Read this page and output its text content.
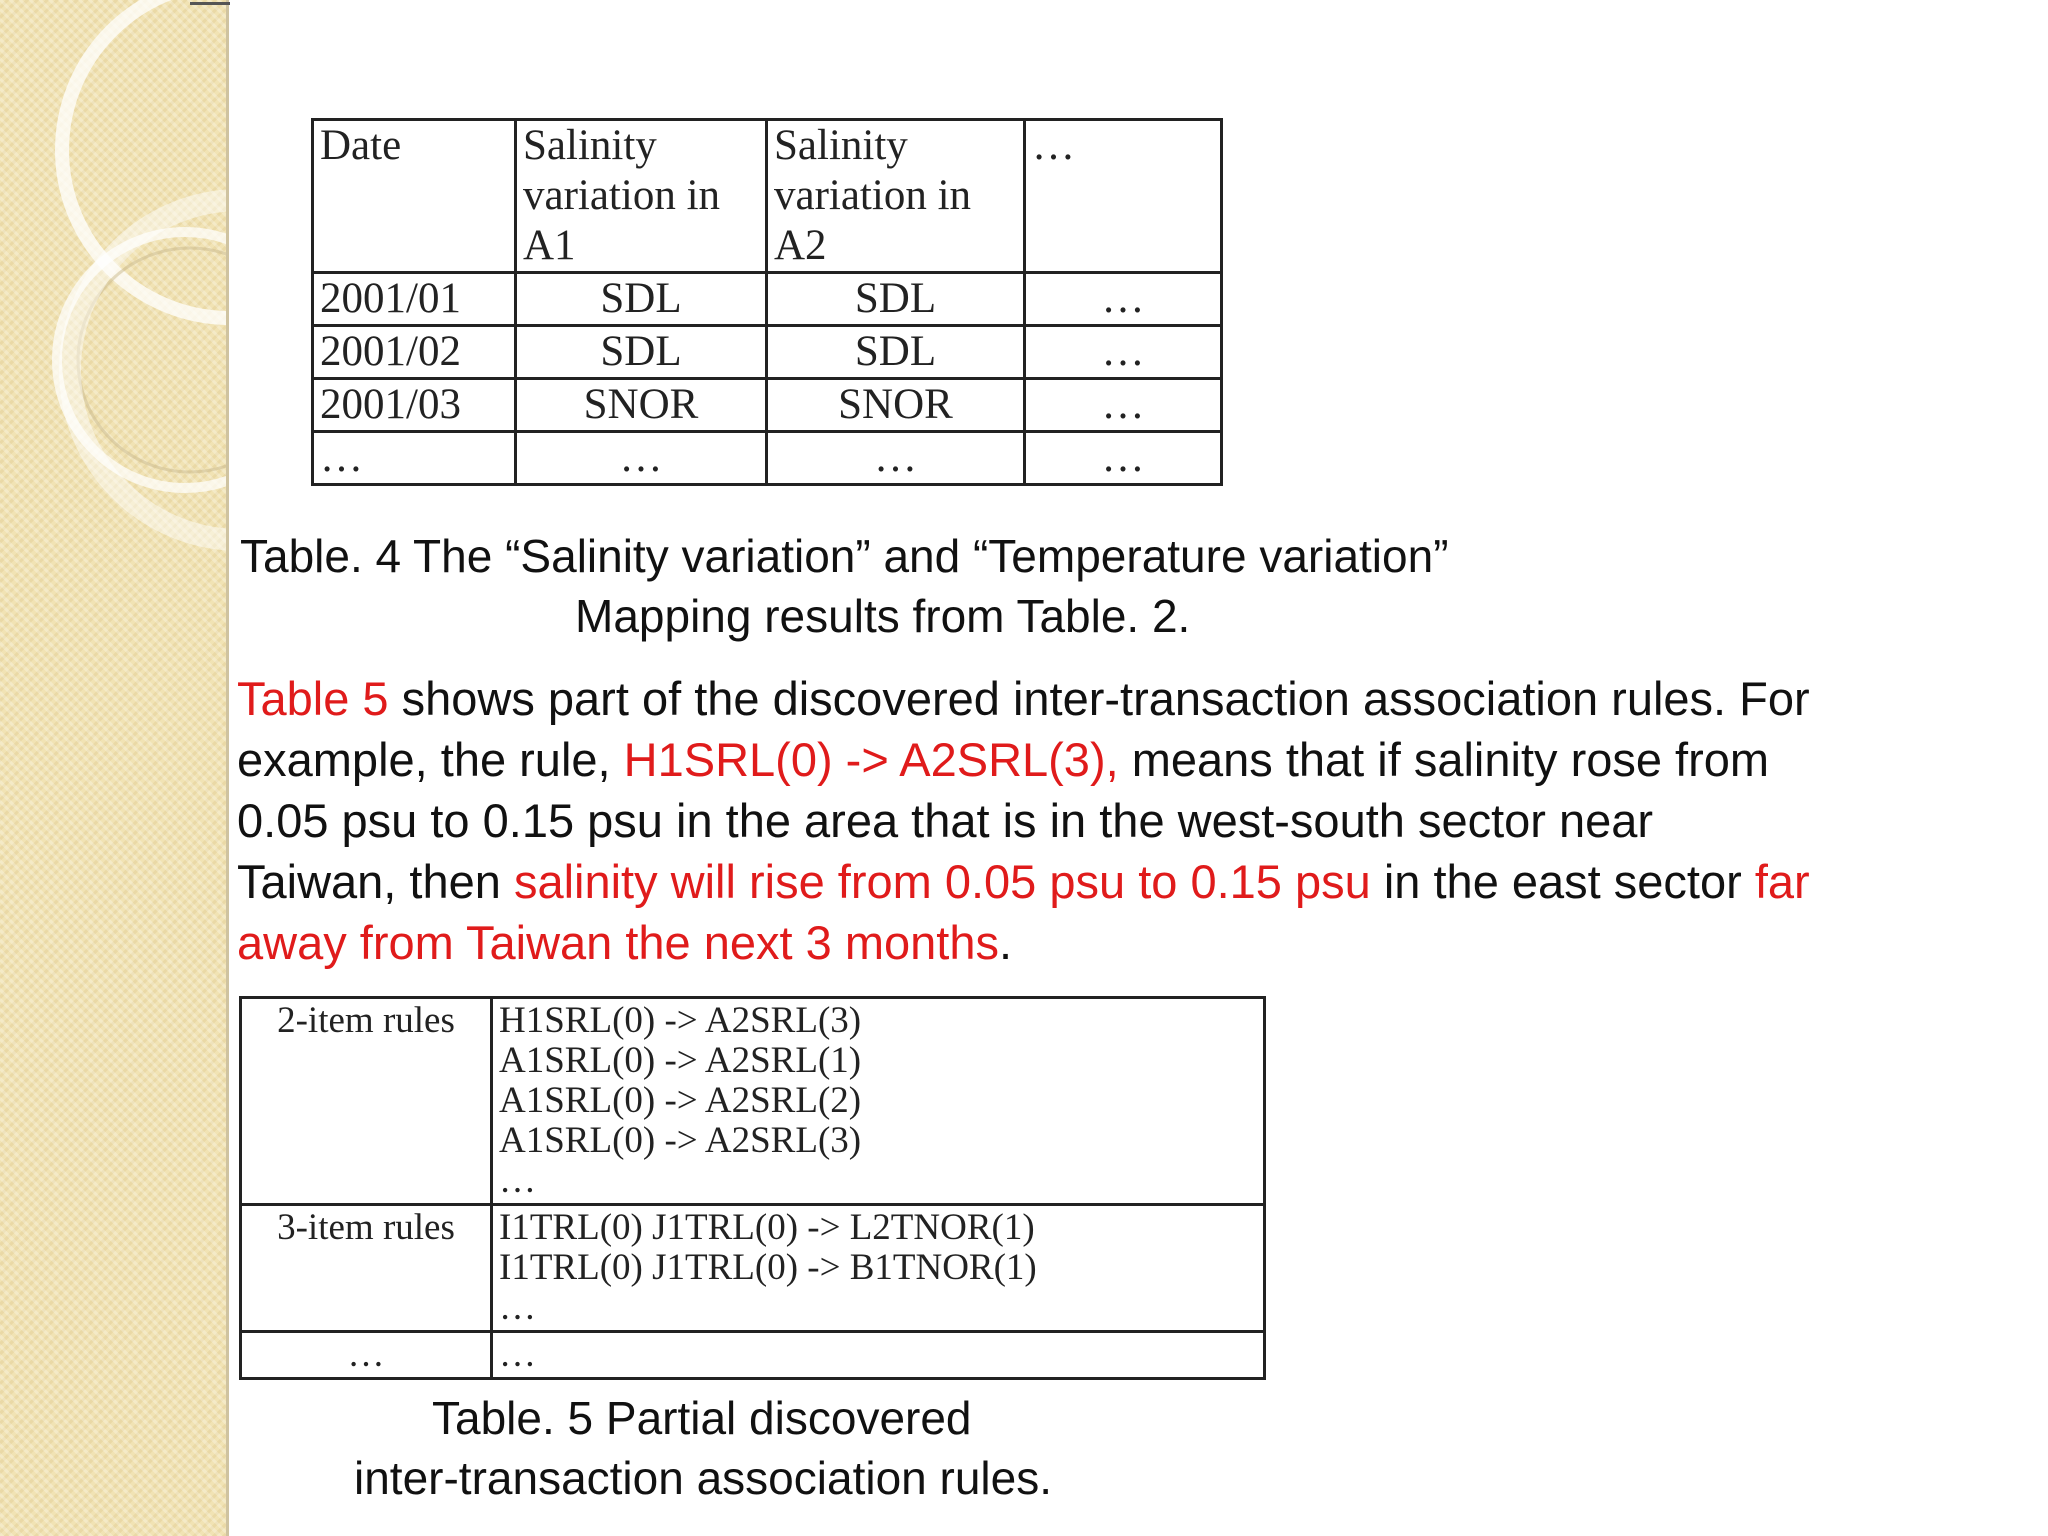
Date	Salinity variation in A1	Salinity variation in A2	…
2001/01	SDL	SDL	…
2001/02	SDL	SDL	…
2001/03	SNOR	SNOR	…
…	…	…	…
Table. 4 The “Salinity variation” and “Temperature variation”
Mapping results from Table. 2.
Table 5 shows part of the discovered inter-transaction association rules. For example, the rule, H1SRL(0) -> A2SRL(3), means that if salinity rose from 0.05 psu to 0.15 psu in the area that is in the west-south sector near Taiwan, then salinity will rise from 0.05 psu to 0.15 psu in the east sector far away from Taiwan the next 3 months.
2-item rules	H1SRL(0) -> A2SRL(3)
A1SRL(0) -> A2SRL(1)
A1SRL(0) -> A2SRL(2)
A1SRL(0) -> A2SRL(3)
…

3-item rules	I1TRL(0) J1TRL(0) -> L2TNOR(1)
I1TRL(0) J1TRL(0) -> B1TNOR(1)
…

…	…
Table. 5 Partial discovered
inter-transaction association rules.
